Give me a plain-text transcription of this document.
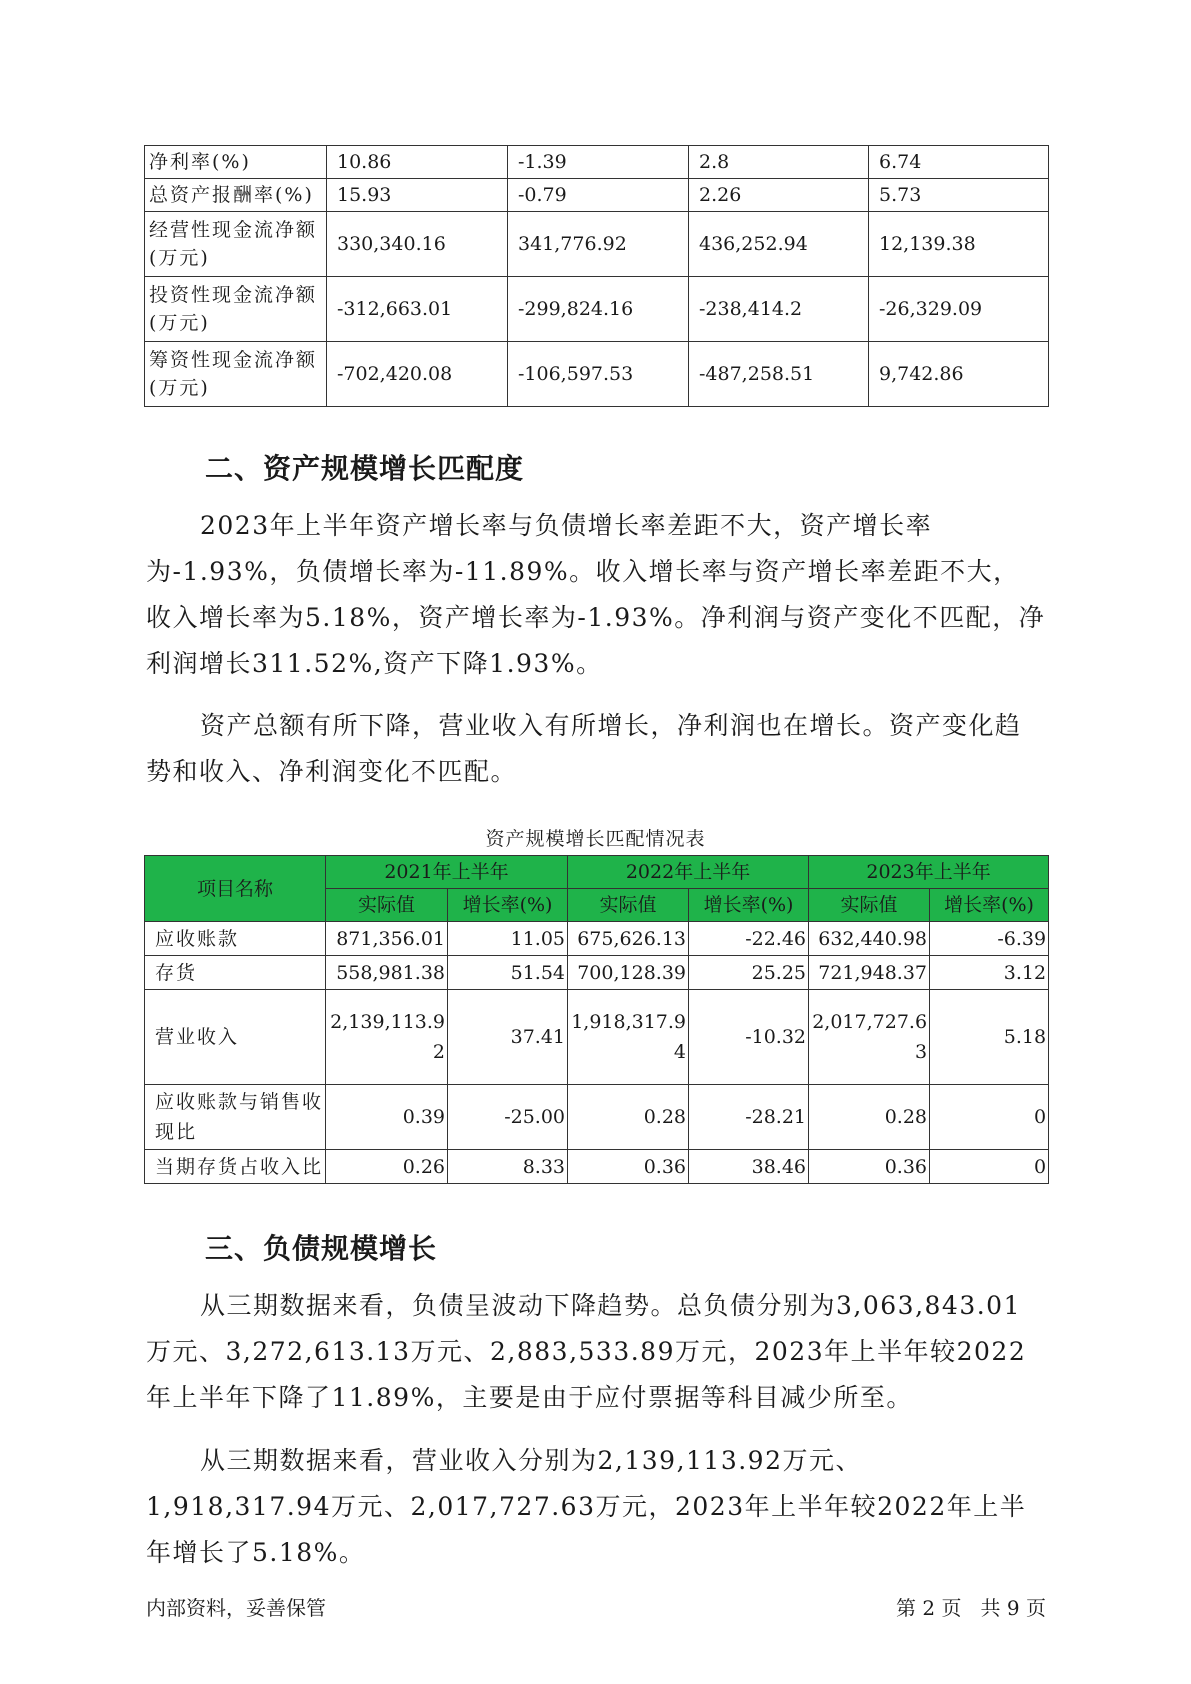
净利率(%)	10.86	-1.39	2.8	6.74
总资产报酬率(%)	15.93	-0.79	2.26	5.73
经营性现金流净额(万元)	330,340.16	341,776.92	436,252.94	12,139.38
投资性现金流净额(万元)	-312,663.01	-299,824.16	-238,414.2	-26,329.09
筹资性现金流净额(万元)	-702,420.08	-106,597.53	-487,258.51	9,742.86
二、资产规模增长匹配度
2023年上半年资产增长率与负债增长率差距不大，资产增长率为-1.93%，负债增长率为-11.89%。收入增长率与资产增长率差距不大，收入增长率为5.18%，资产增长率为-1.93%。净利润与资产变化不匹配，净利润增长311.52%,资产下降1.93%。
资产总额有所下降，营业收入有所增长，净利润也在增长。资产变化趋势和收入、净利润变化不匹配。
资产规模增长匹配情况表
项目名称	2021年上半年		2022年上半年		2023年上半年	
	实际值	增长率(%)	实际值	增长率(%)	实际值	增长率(%)
应收账款	871,356.01	11.05	675,626.13	-22.46	632,440.98	-6.39
存货	558,981.38	51.54	700,128.39	25.25	721,948.37	3.12
营业收入	2,139,113.92	37.41	1,918,317.94	-10.32	2,017,727.63	5.18
应收账款与销售收现比	0.39	-25.00	0.28	-28.21	0.28	0
当期存货占收入比	0.26	8.33	0.36	38.46	0.36	0
三、负债规模增长
从三期数据来看，负债呈波动下降趋势。总负债分别为3,063,843.01万元、3,272,613.13万元、2,883,533.89万元，2023年上半年较2022年上半年下降了11.89%，主要是由于应付票据等科目减少所至。
从三期数据来看，营业收入分别为2,139,113.92万元、1,918,317.94万元、2,017,727.63万元，2023年上半年较2022年上半年增长了5.18%。
内部资料，妥善保管	第 2 页   共 9 页
